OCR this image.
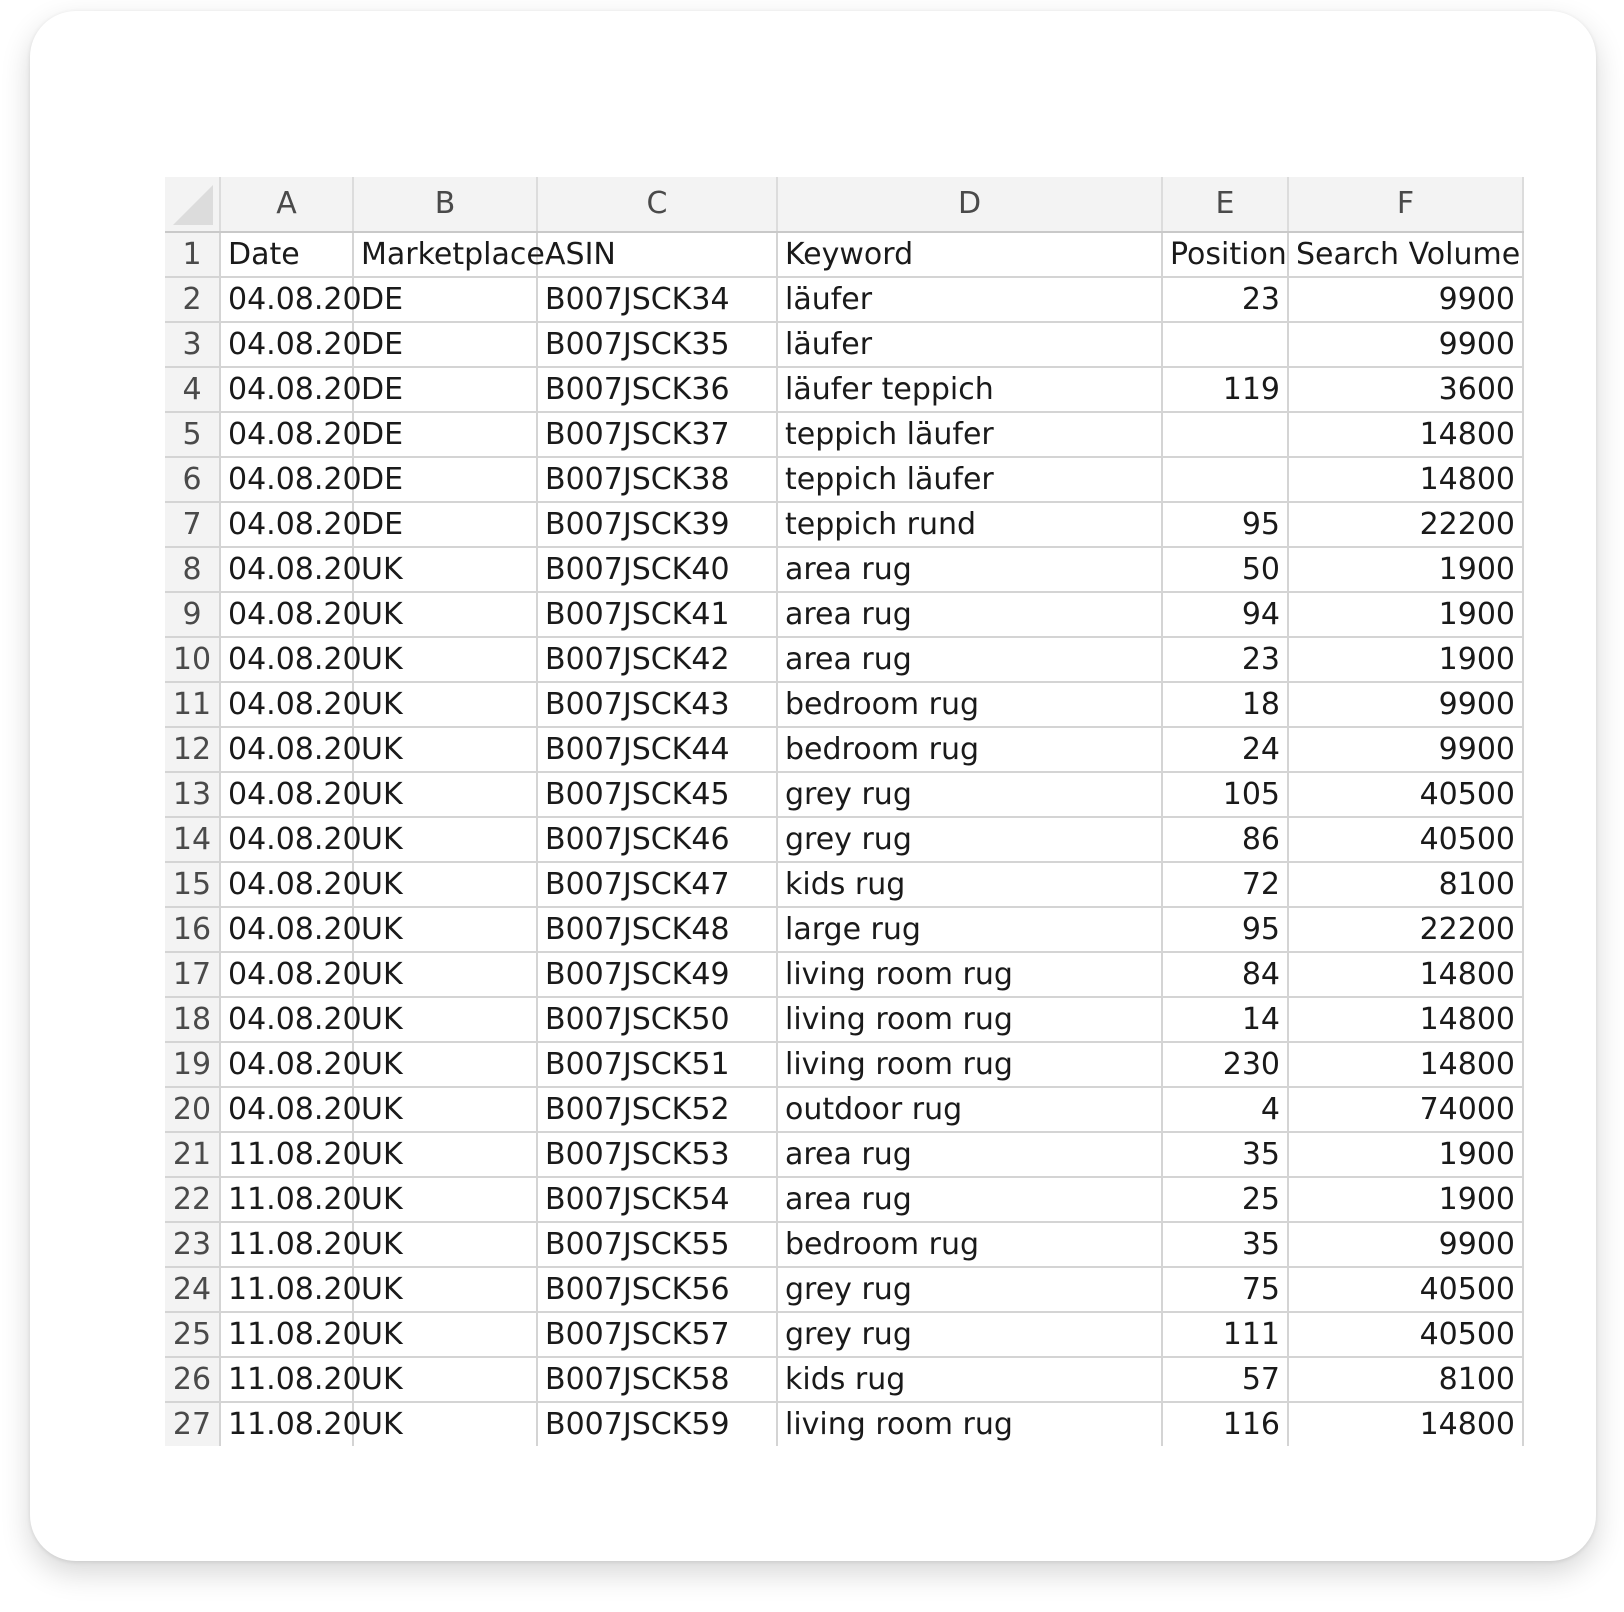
	A	B	C	D	E	F
1	Date	Marketplace	ASIN	Keyword	Position	Search Volume
2	04.08.20	DE	B007JSCK34	läufer	23	9900
3	04.08.20	DE	B007JSCK35	läufer		9900
4	04.08.20	DE	B007JSCK36	läufer teppich	119	3600
5	04.08.20	DE	B007JSCK37	teppich läufer		14800
6	04.08.20	DE	B007JSCK38	teppich läufer		14800
7	04.08.20	DE	B007JSCK39	teppich rund	95	22200
8	04.08.20	UK	B007JSCK40	area rug	50	1900
9	04.08.20	UK	B007JSCK41	area rug	94	1900
10	04.08.20	UK	B007JSCK42	area rug	23	1900
11	04.08.20	UK	B007JSCK43	bedroom rug	18	9900
12	04.08.20	UK	B007JSCK44	bedroom rug	24	9900
13	04.08.20	UK	B007JSCK45	grey rug	105	40500
14	04.08.20	UK	B007JSCK46	grey rug	86	40500
15	04.08.20	UK	B007JSCK47	kids rug	72	8100
16	04.08.20	UK	B007JSCK48	large rug	95	22200
17	04.08.20	UK	B007JSCK49	living room rug	84	14800
18	04.08.20	UK	B007JSCK50	living room rug	14	14800
19	04.08.20	UK	B007JSCK51	living room rug	230	14800
20	04.08.20	UK	B007JSCK52	outdoor rug	4	74000
21	11.08.20	UK	B007JSCK53	area rug	35	1900
22	11.08.20	UK	B007JSCK54	area rug	25	1900
23	11.08.20	UK	B007JSCK55	bedroom rug	35	9900
24	11.08.20	UK	B007JSCK56	grey rug	75	40500
25	11.08.20	UK	B007JSCK57	grey rug	111	40500
26	11.08.20	UK	B007JSCK58	kids rug	57	8100
27	11.08.20	UK	B007JSCK59	living room rug	116	14800
